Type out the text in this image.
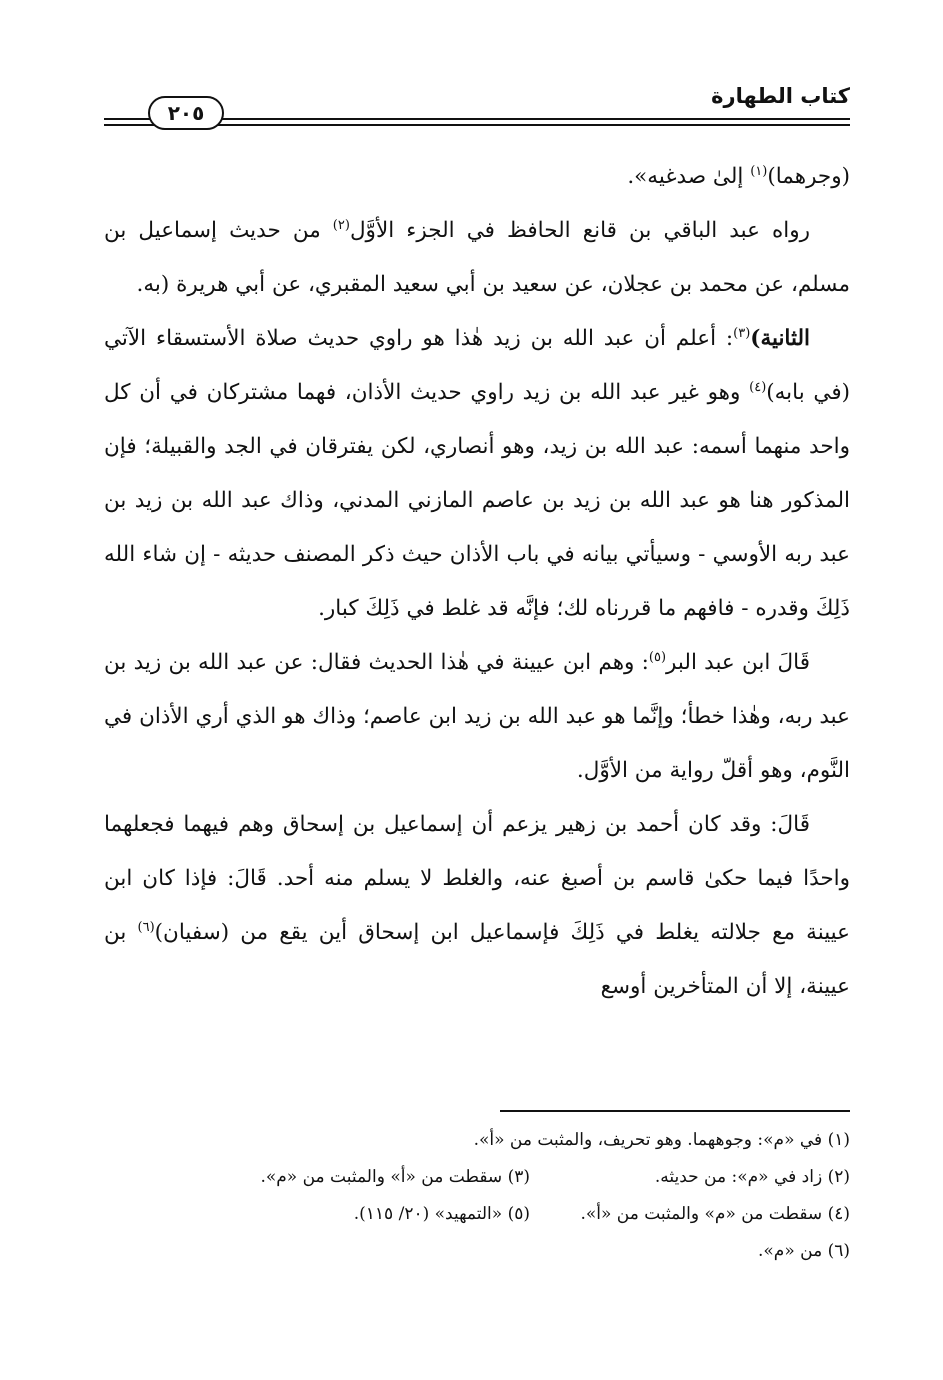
كتاب الطهارة
٢٠٥

(وجرهما)$^{(١)}$ إلىٰ صدغيه».

رواه عبد الباقي بن قانع الحافظ في الجزء الأوَّل$^{(٢)}$ من حديث إسماعيل بن مسلم، عن محمد بن عجلان، عن سعيد بن أبي سعيد المقبري، عن أبي هريرة (به.

الثانية)$^{(٣)}$: أعلم أن عبد الله بن زيد هٰذا هو راوي حديث صلاة الأستسقاء الآتي (في بابه)$^{(٤)}$ وهو غير عبد الله بن زيد راوي حديث الأذان، فهما مشتركان في أن كل واحد منهما أسمه: عبد الله بن زيد، وهو أنصاري، لكن يفترقان في الجد والقبيلة؛ فإن المذكور هنا هو عبد الله بن زيد بن عاصم المازني المدني، وذاك عبد الله بن زيد بن عبد ربه الأوسي - وسيأتي بيانه في باب الأذان حيث ذكر المصنف حديثه - إن شاء الله ذَلِكَ وقدره - فافهم ما قررناه لك؛ فإنَّه قد غلط في ذَلِكَ كبار.

قَالَ ابن عبد البر$^{(٥)}$: وهم ابن عيينة في هٰذا الحديث فقال: عن عبد الله بن زيد بن عبد ربه، وهٰذا خطأ؛ وإنَّما هو عبد الله بن زيد ابن عاصم؛ وذاك هو الذي أري الأذان في النَّوم، وهو أقلّ رواية من الأوَّل.

قَالَ: وقد كان أحمد بن زهير يزعم أن إسماعيل بن إسحاق وهم فيهما فجعلهما واحدًا فيما حكىٰ قاسم بن أصبغ عنه، والغلط لا يسلم منه أحد. قَالَ: فإذا كان ابن عيينة مع جلالته يغلط في ذَلِكَ فإسماعيل ابن إسحاق أين يقع من (سفيان)$^{(٦)}$ بن عيينة، إلا أن المتأخرين أوسع

(١) في «م»: وجوههما. وهو تحريف، والمثبت من «أ».
(٢) زاد في «م»: من حديثه.
(٣) سقطت من «أ» والمثبت من «م».
(٤) سقطت من «م» والمثبت من «أ».
(٥) «التمهيد» (٢٠/ ١١٥).
(٦) من «م».
